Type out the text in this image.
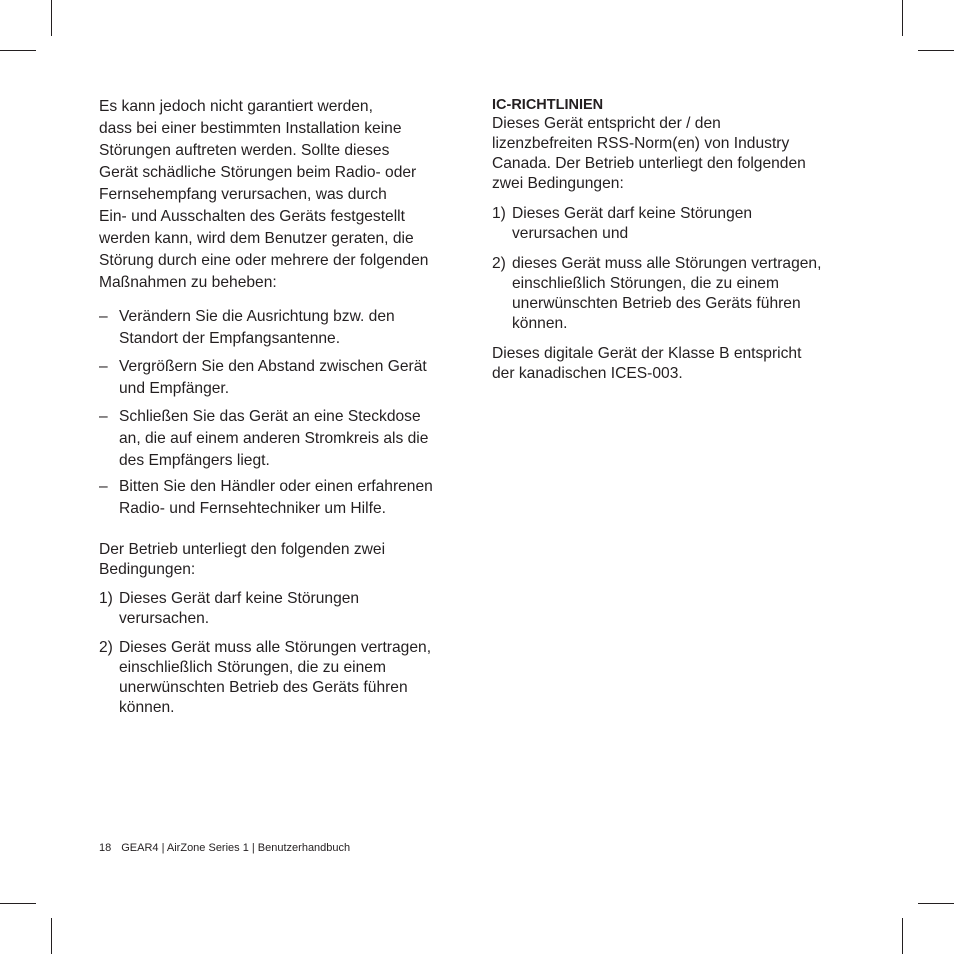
Es kann jedoch nicht garantiert werden,
dass bei einer bestimmten Installation keine
Störungen auftreten werden. Sollte dieses
Gerät schädliche Störungen beim Radio- oder
Fernsehempfang verursachen, was durch
Ein- und Ausschalten des Geräts festgestellt
werden kann, wird dem Benutzer geraten, die
Störung durch eine oder mehrere der folgenden
Maßnahmen zu beheben:

– Verändern Sie die Ausrichtung bzw. den
Standort der Empfangsantenne.
– Vergrößern Sie den Abstand zwischen Gerät
und Empfänger.
– Schließen Sie das Gerät an eine Steckdose
an, die auf einem anderen Stromkreis als die
des Empfängers liegt.
– Bitten Sie den Händler oder einen erfahrenen
Radio- und Fernsehtechniker um Hilfe.

Der Betrieb unterliegt den folgenden zwei
Bedingungen:

1) Dieses Gerät darf keine Störungen
verursachen.
2) Dieses Gerät muss alle Störungen vertragen,
einschließlich Störungen, die zu einem
unerwünschten Betrieb des Geräts führen
können.
IC-RICHTLINIEN

Dieses Gerät entspricht der / den
lizenzbefreiten RSS-Norm(en) von Industry
Canada. Der Betrieb unterliegt den folgenden
zwei Bedingungen:

1) Dieses Gerät darf keine Störungen
verursachen und
2) dieses Gerät muss alle Störungen vertragen,
einschließlich Störungen, die zu einem
unerwünschten Betrieb des Geräts führen
können.

Dieses digitale Gerät der Klasse B entspricht
der kanadischen ICES-003.

18 GEAR4 | AirZone Series 1 | Benutzerhandbuch
